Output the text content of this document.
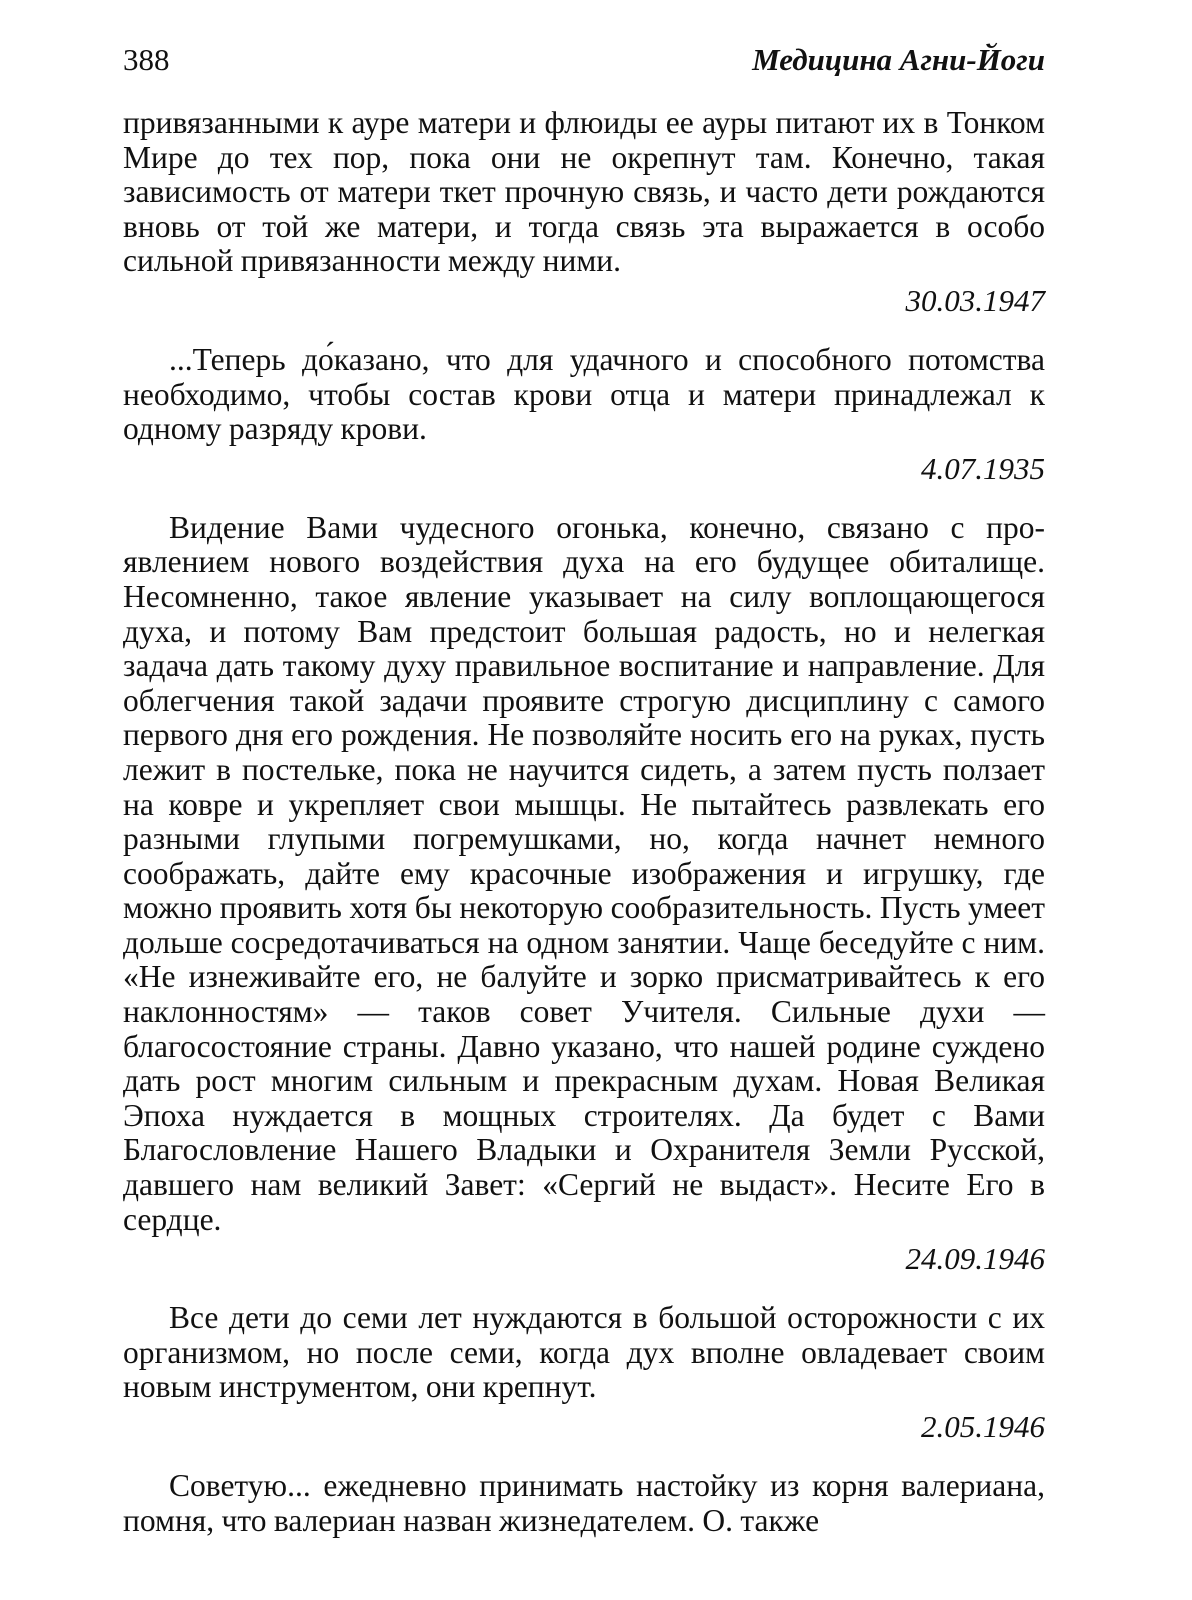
388	Медицина Агни-Йоги

привязанными к ауре матери и флюиды ее ауры питают их в Тонком Мире до тех пор, пока они не окрепнут там. Конечно, такая зависимость от матери ткет прочную связь, и часто дети рождаются вновь от той же матери, и тогда связь эта выражается в особо сильной привязанности между ними.

30.03.1947

...Теперь до́казано, что для удачного и способного потомства необходимо, чтобы состав крови отца и матери принадлежал к одному разряду крови.

4.07.1935

Видение Вами чудесного огонька, конечно, связано с проявлением нового воздействия духа на его будущее обиталище. Несомненно, такое явление указывает на силу воплощающегося духа, и потому Вам предстоит большая радость, но и нелегкая задача дать такому духу правильное воспитание и направление. Для облегчения такой задачи проявите строгую дисциплину с самого первого дня его рождения. Не позволяйте носить его на руках, пусть лежит в постельке, пока не научится сидеть, а затем пусть ползает на ковре и укрепляет свои мышцы. Не пытайтесь развлекать его разными глупыми погремушками, но, когда начнет немного соображать, дайте ему красочные изображения и игрушку, где можно проявить хотя бы некоторую сообразительность. Пусть умеет дольше сосредотачиваться на одном занятии. Чаще беседуйте с ним. «Не изнеживайте его, не балуйте и зорко присматривайтесь к его наклонностям» — таков совет Учителя. Сильные духи — благосостояние страны. Давно указано, что нашей родине суждено дать рост многим сильным и прекрасным духам. Новая Великая Эпоха нуждается в мощных строителях. Да будет с Вами Благословление Нашего Владыки и Охранителя Земли Русской, давшего нам великий Завет: «Сергий не выдаст». Несите Его в сердце.

24.09.1946

Все дети до семи лет нуждаются в большой осторожности с их организмом, но после семи, когда дух вполне овладевает своим новым инструментом, они крепнут.

2.05.1946

Советую... ежедневно принимать настойку из корня валериана, помня, что валериан назван жизнедателем. О. также
